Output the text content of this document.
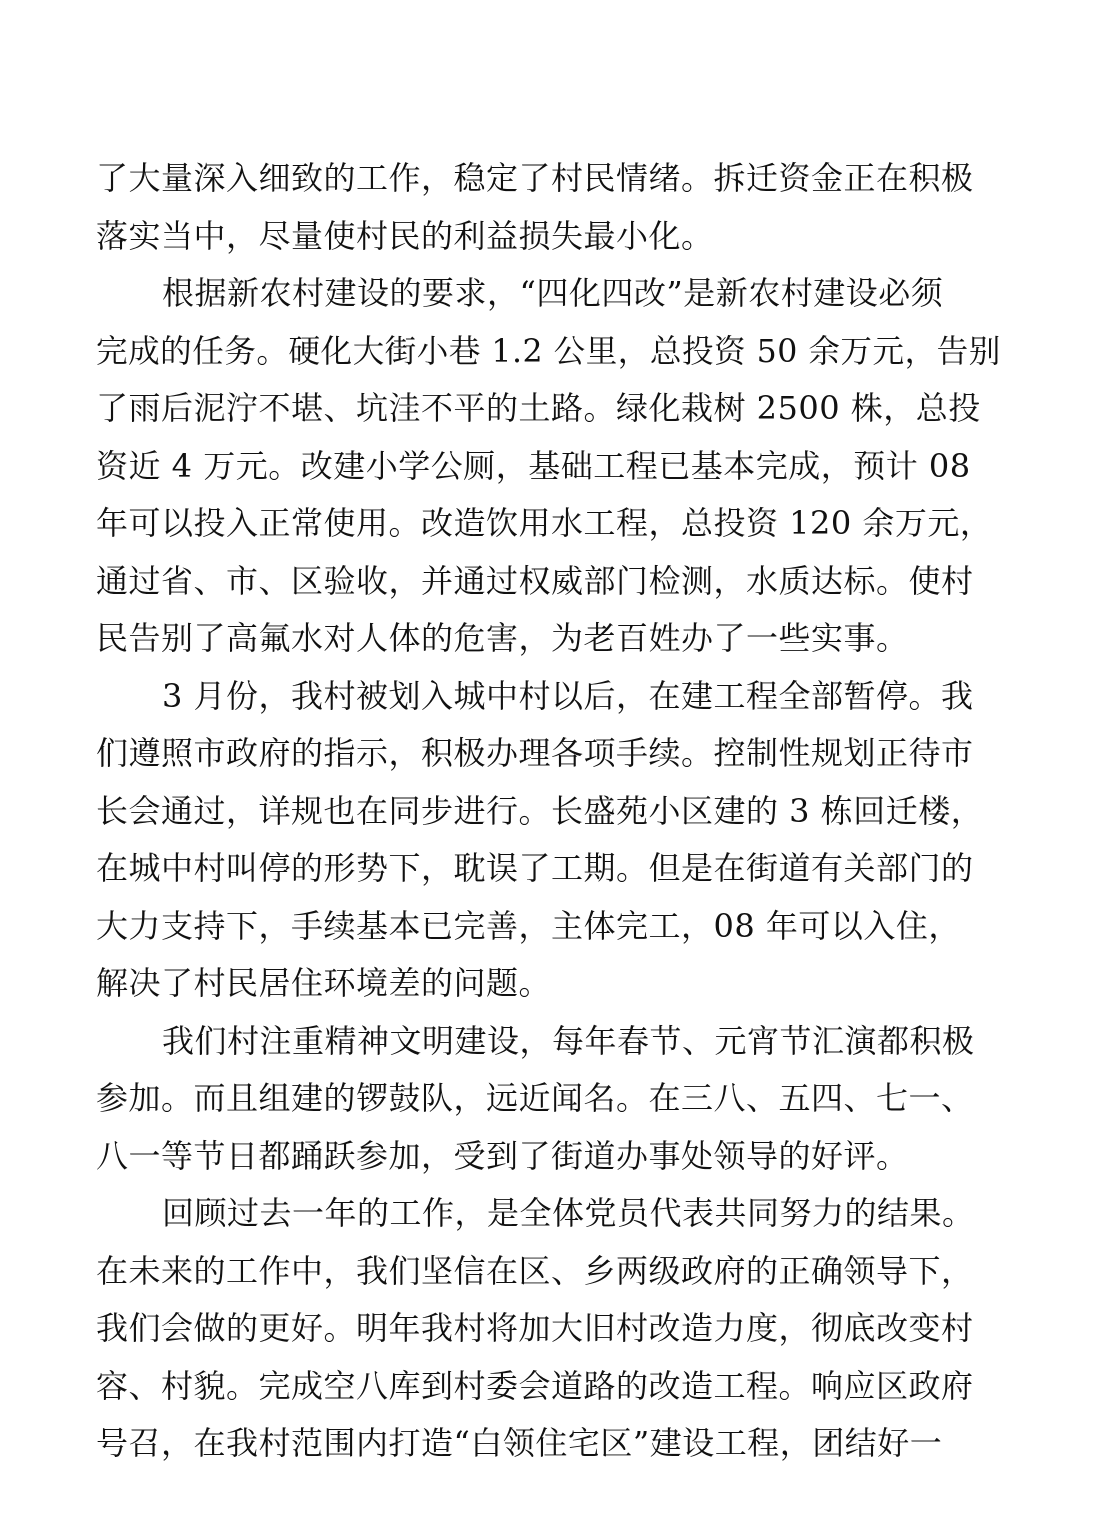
了大量深入细致的工作，稳定了村民情绪。拆迁资金正在积极
落实当中，尽量使村民的利益损失最小化。
根据新农村建设的要求，“四化四改”是新农村建设必须
完成的任务。硬化大街小巷 1.2 公里，总投资 50 余万元，告别
了雨后泥泞不堪、坑洼不平的土路。绿化栽树 2500 株，总投
资近 4 万元。改建小学公厕，基础工程已基本完成，预计 08
年可以投入正常使用。改造饮用水工程，总投资 120 余万元，
通过省、市、区验收，并通过权威部门检测，水质达标。使村
民告别了高氟水对人体的危害，为老百姓办了一些实事。
3 月份，我村被划入城中村以后，在建工程全部暂停。我
们遵照市政府的指示，积极办理各项手续。控制性规划正待市
长会通过，详规也在同步进行。长盛苑小区建的 3 栋回迁楼，
在城中村叫停的形势下，耽误了工期。但是在街道有关部门的
大力支持下，手续基本已完善，主体完工，08 年可以入住，
解决了村民居住环境差的问题。
我们村注重精神文明建设，每年春节、元宵节汇演都积极
参加。而且组建的锣鼓队，远近闻名。在三八、五四、七一、
八一等节日都踊跃参加，受到了街道办事处领导的好评。
回顾过去一年的工作，是全体党员代表共同努力的结果。
在未来的工作中，我们坚信在区、乡两级政府的正确领导下，
我们会做的更好。明年我村将加大旧村改造力度，彻底改变村
容、村貌。完成空八库到村委会道路的改造工程。响应区政府
号召，在我村范围内打造“白领住宅区”建设工程，团结好一
